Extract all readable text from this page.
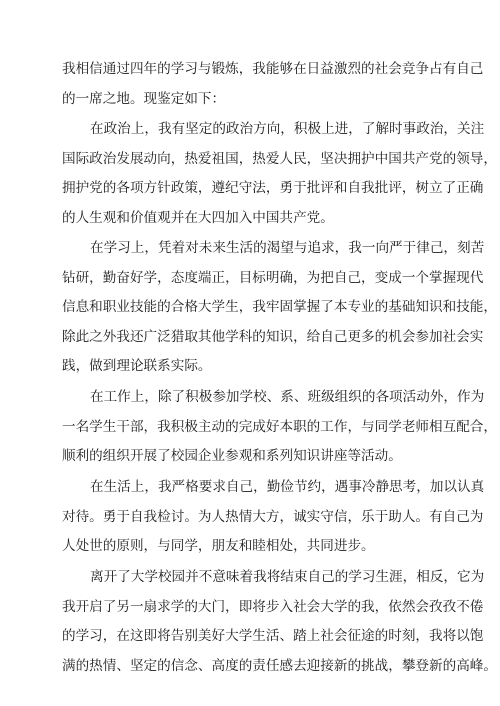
我相信通过四年的学习与锻炼，我能够在日益激烈的社会竞争占有自己
的一席之地。现鉴定如下：
在政治上，我有坚定的政治方向，积极上进，了解时事政治，关注
国际政治发展动向，热爱祖国，热爱人民，坚决拥护中国共产党的领导，
拥护党的各项方针政策，遵纪守法，勇于批评和自我批评，树立了正确
的人生观和价值观并在大四加入中国共产党。
在学习上，凭着对未来生活的渴望与追求，我一向严于律己，刻苦
钻研，勤奋好学，态度端正，目标明确，为把自己，变成一个掌握现代
信息和职业技能的合格大学生，我牢固掌握了本专业的基础知识和技能，
除此之外我还广泛猎取其他学科的知识，给自己更多的机会参加社会实
践，做到理论联系实际。
在工作上，除了积极参加学校、系、班级组织的各项活动外，作为
一名学生干部，我积极主动的完成好本职的工作，与同学老师相互配合，
顺利的组织开展了校园企业参观和系列知识讲座等活动。
在生活上，我严格要求自己，勤俭节约，遇事冷静思考，加以认真
对待。勇于自我检讨。为人热情大方，诚实守信，乐于助人。有自己为
人处世的原则，与同学，朋友和睦相处，共同进步。
离开了大学校园并不意味着我将结束自己的学习生涯，相反，它为
我开启了另一扇求学的大门，即将步入社会大学的我，依然会孜孜不倦
的学习，在这即将告别美好大学生活、踏上社会征途的时刻，我将以饱
满的热情、坚定的信念、高度的责任感去迎接新的挑战，攀登新的高峰。
